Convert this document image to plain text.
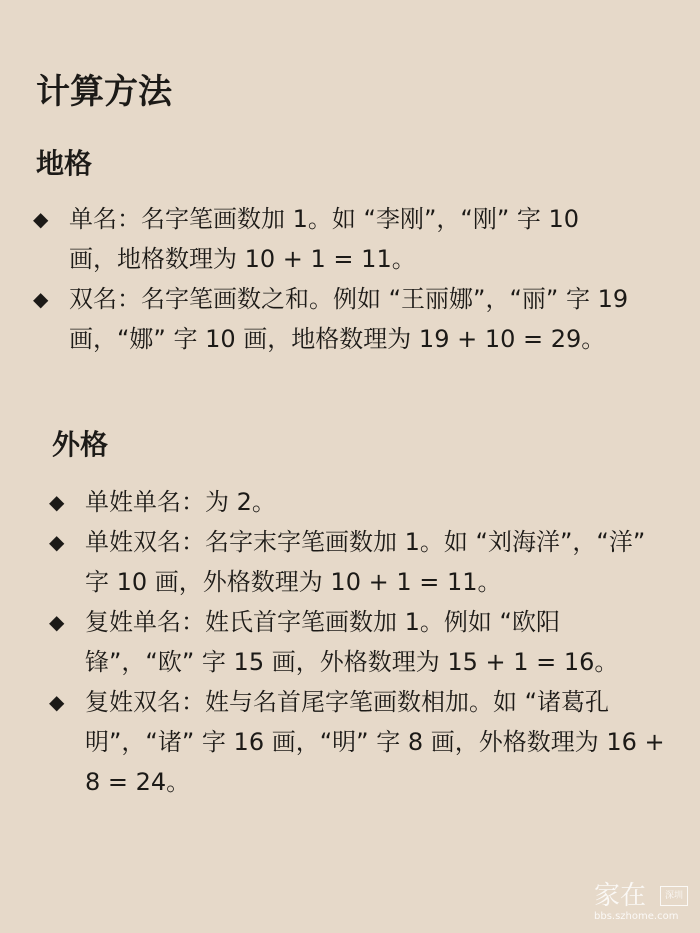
计算方法
地格
◆ 单名：名字笔画数加 1。如 “李刚”，“刚” 字 10 画，地格数理为 10 + 1 = 11。
◆ 双名：名字笔画数之和。例如 “王丽娜”，“丽” 字 19 画，“娜” 字 10 画，地格数理为 19 + 10 = 29。
外格
◆ 单姓单名：为 2。
◆ 单姓双名：名字末字笔画数加 1。如 “刘海洋”，“洋” 字 10 画，外格数理为 10 + 1 = 11。
◆ 复姓单名：姓氏首字笔画数加 1。例如 “欧阳锋”，“欧” 字 15 画，外格数理为 15 + 1 = 16。
◆ 复姓双名：姓与名首尾字笔画数相加。如 “诸葛孔明”，“诸” 字 16 画，“明” 字 8 画，外格数理为 16 + 8 = 24。
家在	深圳
bbs.szhome.com
